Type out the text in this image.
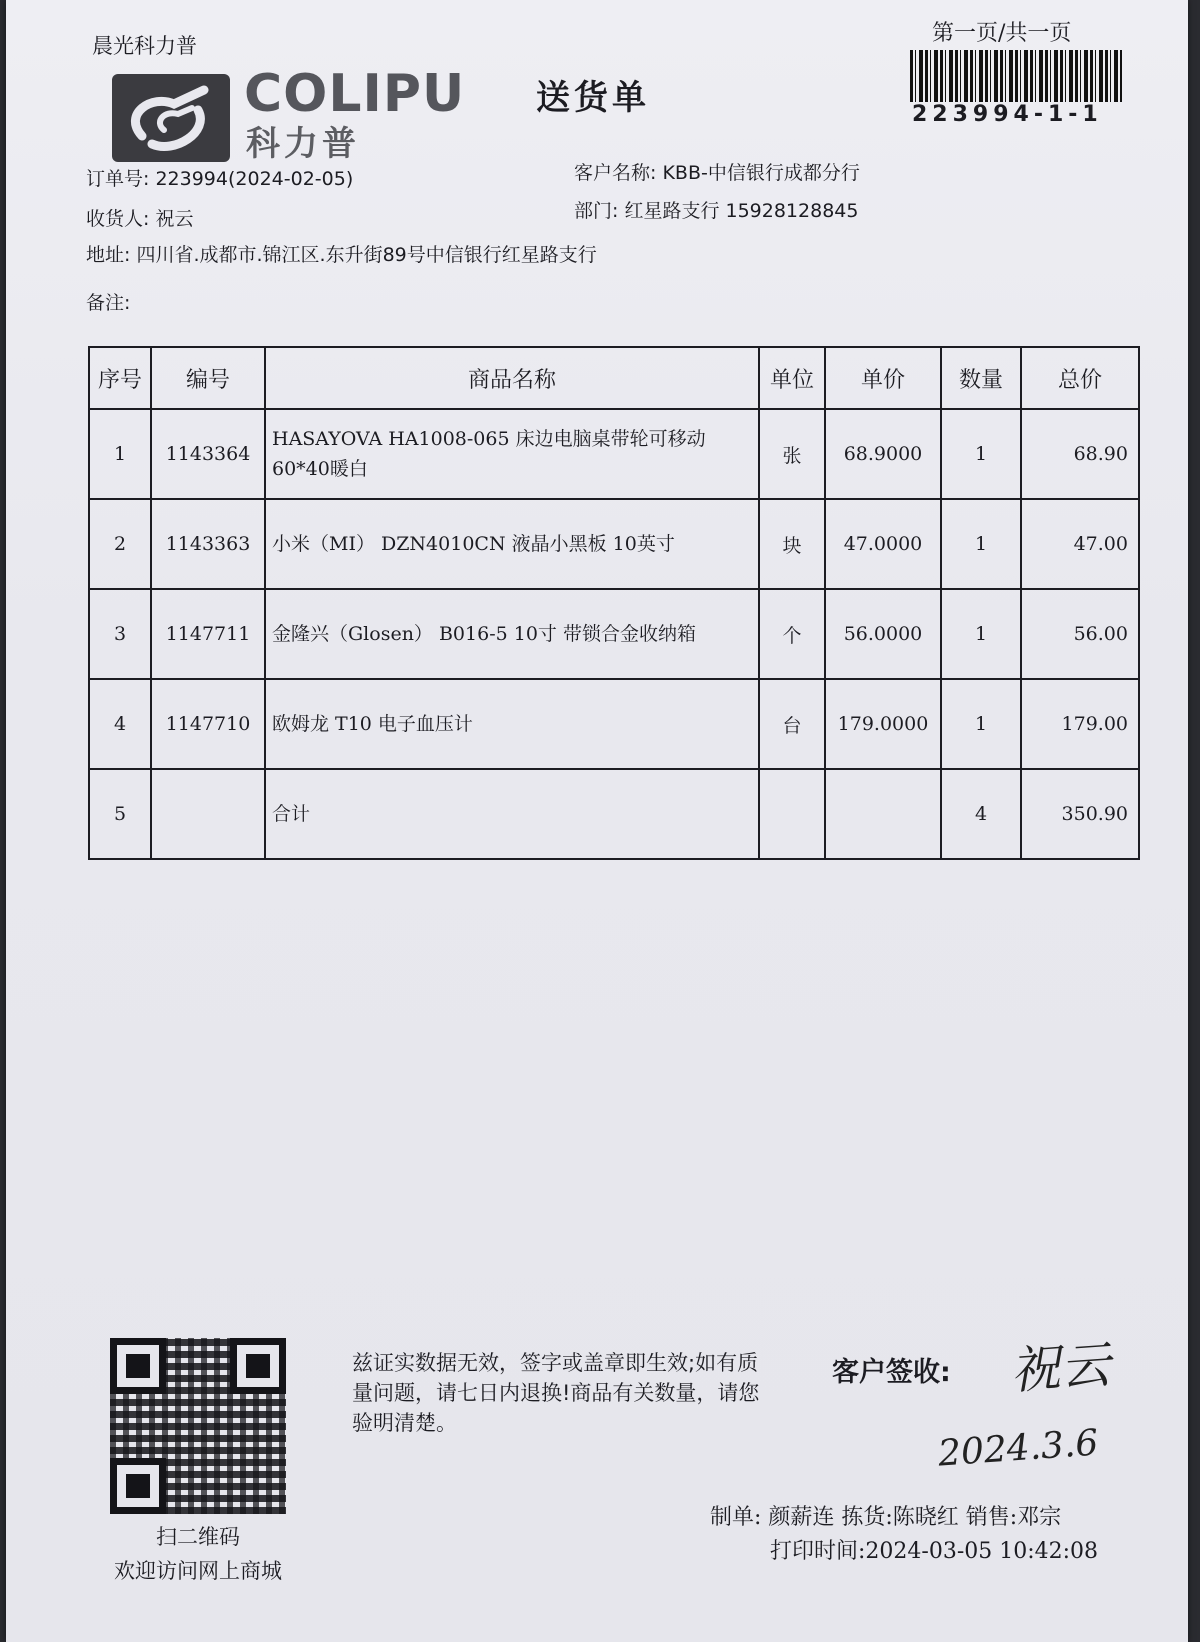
晨光科力普
COLIPU
科力普
送货单
第一页/共一页
223994-1-1
订单号: 223994(2024-02-05)	客户名称: KBB-中信银行成都分行
收货人: 祝云	部门: 红星路支行 15928128845
地址: 四川省.成都市.锦江区.东升街89号中信银行红星路支行
备注:
序号	编号	商品名称	单位	单价	数量	总价
1	1143364	HASAYOVA HA1008-065 床边电脑桌带轮可移动60*40暖白	张	68.9000	1	68.90
2	1143363	小米（MI） DZN4010CN 液晶小黑板 10英寸	块	47.0000	1	47.00
3	1147711	金隆兴（Glosen） B016-5 10寸 带锁合金收纳箱	个	56.0000	1	56.00
4	1147710	欧姆龙 T10 电子血压计	台	179.0000	1	179.00
5		合计			4	350.90
扫二维码
欢迎访问网上商城
兹证实数据无效，签字或盖章即生效;如有质量问题，请七日内退换!商品有关数量，请您验明清楚。
客户签收: 祝云
2024.3.6
制单: 颜薪连 拣货:陈晓红 销售:邓宗
打印时间:2024-03-05 10:42:08
